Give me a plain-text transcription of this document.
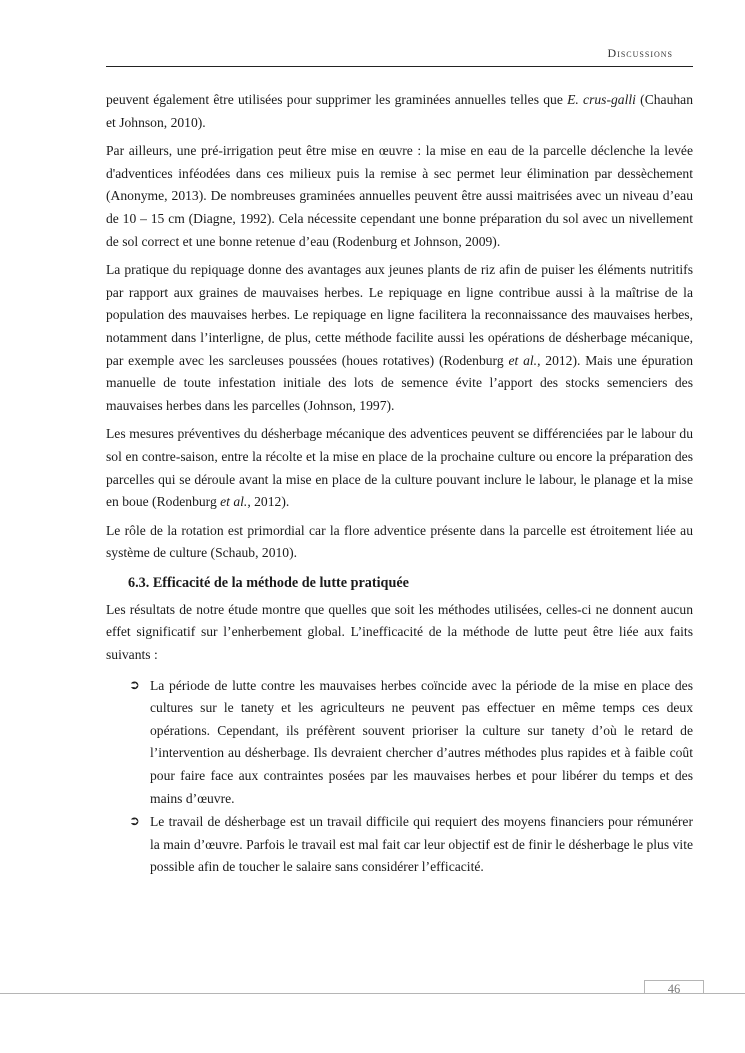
Discussions

peuvent également être utilisées pour supprimer les graminées annuelles telles que E. crus-galli (Chauhan et Johnson, 2010).

Par ailleurs, une pré-irrigation peut être mise en œuvre : la mise en eau de la parcelle déclenche la levée d'adventices inféodées dans ces milieux puis la remise à sec permet leur élimination par dessèchement (Anonyme, 2013). De nombreuses graminées annuelles peuvent être aussi maitrisées avec un niveau d’eau de 10 – 15 cm (Diagne, 1992). Cela nécessite cependant une bonne préparation du sol avec un nivellement de sol correct et une bonne retenue d’eau (Rodenburg et Johnson, 2009).

La pratique du repiquage donne des avantages aux jeunes plants de riz afin de puiser les éléments nutritifs par rapport aux graines de mauvaises herbes. Le repiquage en ligne contribue aussi à la maîtrise de la population des mauvaises herbes. Le repiquage en ligne facilitera la reconnaissance des mauvaises herbes, notamment dans l’interligne, de plus, cette méthode facilite aussi les opérations de désherbage mécanique, par exemple avec les sarcleuses poussées (houes rotatives) (Rodenburg et al., 2012). Mais une épuration manuelle de toute infestation initiale des lots de semence évite l’apport des stocks semenciers des mauvaises herbes dans les parcelles (Johnson, 1997).

Les mesures préventives du désherbage mécanique des adventices peuvent se différenciées par le labour du sol en contre-saison, entre la récolte et la mise en place de la prochaine culture ou encore la préparation des parcelles qui se déroule avant la mise en place de la culture pouvant inclure le labour, le planage et la mise en boue (Rodenburg et al., 2012).

Le rôle de la rotation est primordial car la flore adventice présente dans la parcelle est étroitement liée au système de culture (Schaub, 2010).

6.3. Efficacité de la méthode de lutte pratiquée

Les résultats de notre étude montre que quelles que soit les méthodes utilisées, celles-ci ne donnent aucun effet significatif sur l’enherbement global. L’inefficacité de la méthode de lutte peut être liée aux faits suivants :

➲ La période de lutte contre les mauvaises herbes coïncide avec la période de la mise en place des cultures sur le tanety et les agriculteurs ne peuvent pas effectuer en même temps ces deux opérations. Cependant, ils préfèrent souvent prioriser la culture sur tanety d’où le retard de l’intervention au désherbage. Ils devraient chercher d’autres méthodes plus rapides et à faible coût pour faire face aux contraintes posées par les mauvaises herbes et pour libérer du temps et des mains d’œuvre.
➲ Le travail de désherbage est un travail difficile qui requiert des moyens financiers pour rémunérer la main d’œuvre. Parfois le travail est mal fait car leur objectif est de finir le désherbage le plus vite possible afin de toucher le salaire sans considérer l’efficacité.
46
